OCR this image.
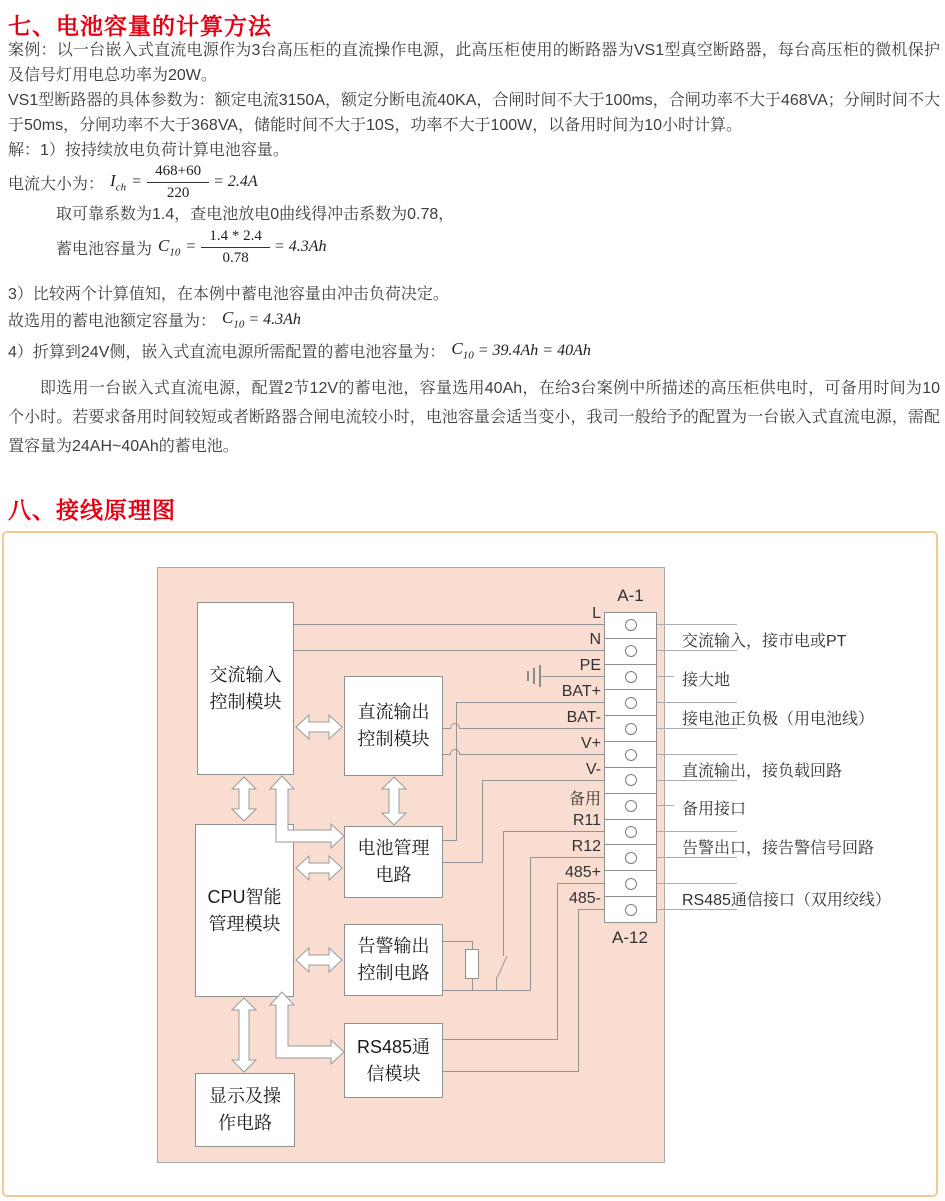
七、电池容量的计算方法
案例：以一台嵌入式直流电源作为3台高压柜的直流操作电源，此高压柜使用的断路器为VS1型真空断路器，每台高压柜的微机保护及信号灯用电总功率为20W。
VS1型断路器的具体参数为：额定电流3150A，额定分断电流40KA，合闸时间不大于100ms，合闸功率不大于468VA；分闸时间不大于50ms，分闸功率不大于368VA，储能时间不大于10S，功率不大于100W，以备用时间为10小时计算。
解：1）按持续放电负荷计算电池容量。
电流大小为： $I_{ch} = \frac{468+60}{220} = 2.4A$
取可靠系数为1.4，查电池放电0曲线得冲击系数为0.78，
蓄电池容量为 $C_{10} = \frac{1.4 * 2.4}{0.78} = 4.3Ah$
3）比较两个计算值知，在本例中蓄电池容量由冲击负荷决定。
故选用的蓄电池额定容量为： $C_{10} = 4.3Ah$
4）折算到24V侧，嵌入式直流电源所需配置的蓄电池容量为： $C_{10} = 39.4Ah = 40Ah$
即选用一台嵌入式直流电源，配置2节12V的蓄电池，容量选用40Ah，在给3台案例中所描述的高压柜供电时，可备用时间为10个小时。若要求备用时间较短或者断路器合闸电流较小时，电池容量会适当变小，我司一般给予的配置为一台嵌入式直流电源，需配置容量为24AH~40Ah的蓄电池。
八、接线原理图
交流输入
控制模块
直流输出
控制模块
CPU智能
管理模块
电池管理
电路
告警输出
控制电路
RS485通
信模块
显示及操
作电路
A-1
A-12
L
N
PE
BAT+
BAT-
V+
V-
备用
R11
R12
485+
485-
交流输入，接市电或PT
接大地
接电池正负极（用电池线）
直流输出，接负载回路
备用接口
告警出口，接告警信号回路
RS485通信接口（双用绞线）
